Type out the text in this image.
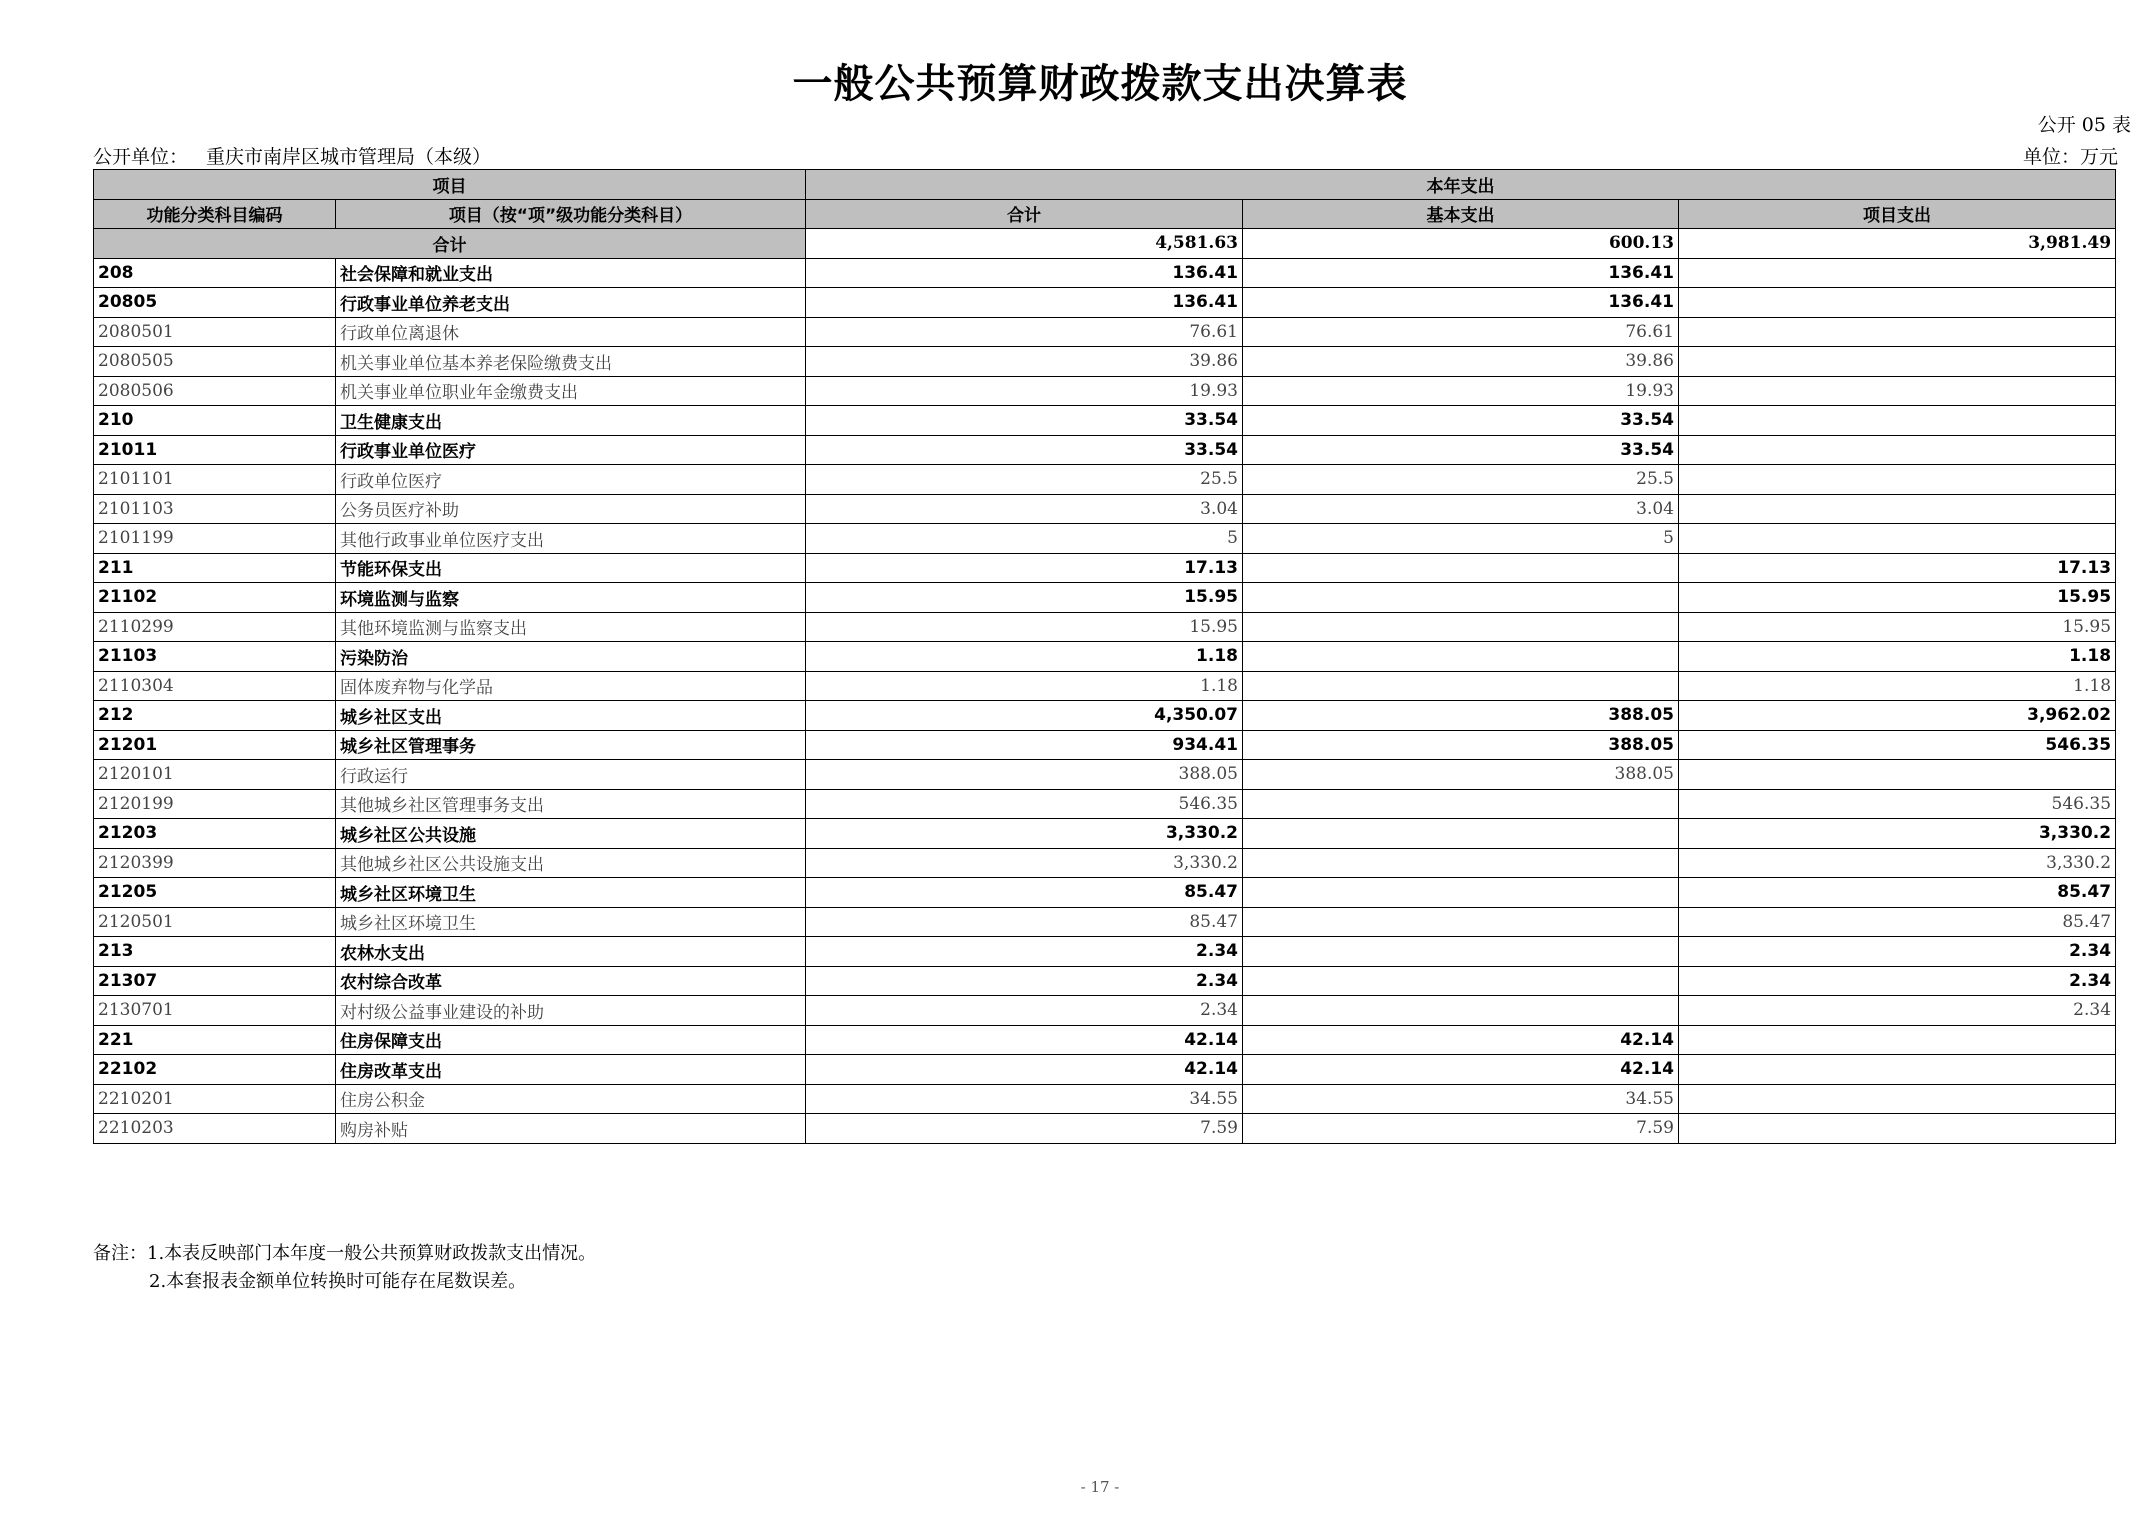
一般公共预算财政拨款支出决算表
公开 05 表
公开单位： 重庆市南岸区城市管理局（本级）	单位：万元
项目		本年支出		
功能分类科目编码	项目（按“项”级功能分类科目）	合计	基本支出	项目支出
合计		4,581.63	600.13	3,981.49
208	社会保障和就业支出	136.41	136.41	
20805	行政事业单位养老支出	136.41	136.41	
2080501	行政单位离退休	76.61	76.61	
2080505	机关事业单位基本养老保险缴费支出	39.86	39.86	
2080506	机关事业单位职业年金缴费支出	19.93	19.93	
210	卫生健康支出	33.54	33.54	
21011	行政事业单位医疗	33.54	33.54	
2101101	行政单位医疗	25.5	25.5	
2101103	公务员医疗补助	3.04	3.04	
2101199	其他行政事业单位医疗支出	5	5	
211	节能环保支出	17.13		17.13
21102	环境监测与监察	15.95		15.95
2110299	其他环境监测与监察支出	15.95		15.95
21103	污染防治	1.18		1.18
2110304	固体废弃物与化学品	1.18		1.18
212	城乡社区支出	4,350.07	388.05	3,962.02
21201	城乡社区管理事务	934.41	388.05	546.35
2120101	行政运行	388.05	388.05	
2120199	其他城乡社区管理事务支出	546.35		546.35
21203	城乡社区公共设施	3,330.2		3,330.2
2120399	其他城乡社区公共设施支出	3,330.2		3,330.2
21205	城乡社区环境卫生	85.47		85.47
2120501	城乡社区环境卫生	85.47		85.47
213	农林水支出	2.34		2.34
21307	农村综合改革	2.34		2.34
2130701	对村级公益事业建设的补助	2.34		2.34
221	住房保障支出	42.14	42.14	
22102	住房改革支出	42.14	42.14	
2210201	住房公积金	34.55	34.55	
2210203	购房补贴	7.59	7.59	
备注：1.本表反映部门本年度一般公共预算财政拨款支出情况。
2.本套报表金额单位转换时可能存在尾数误差。
- 17 -
